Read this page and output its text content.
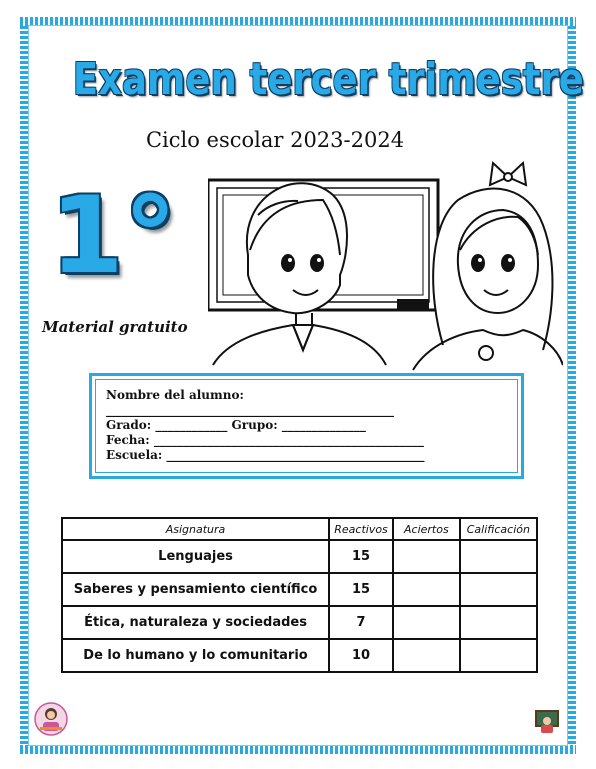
Examen tercer trimestre
Ciclo escolar 2023-2024
1°
Material gratuito
Nombre del alumno:
________________________________________________
Grado: ____________ Grupo: ______________
Fecha: _____________________________________________
Escuela: ___________________________________________
Asignatura	Reactivos	Aciertos	Calificación
Lenguajes	15		
Saberes y pensamiento científico	15		
Ética, naturaleza y sociedades	7		
De lo humano y lo comunitario	10		
